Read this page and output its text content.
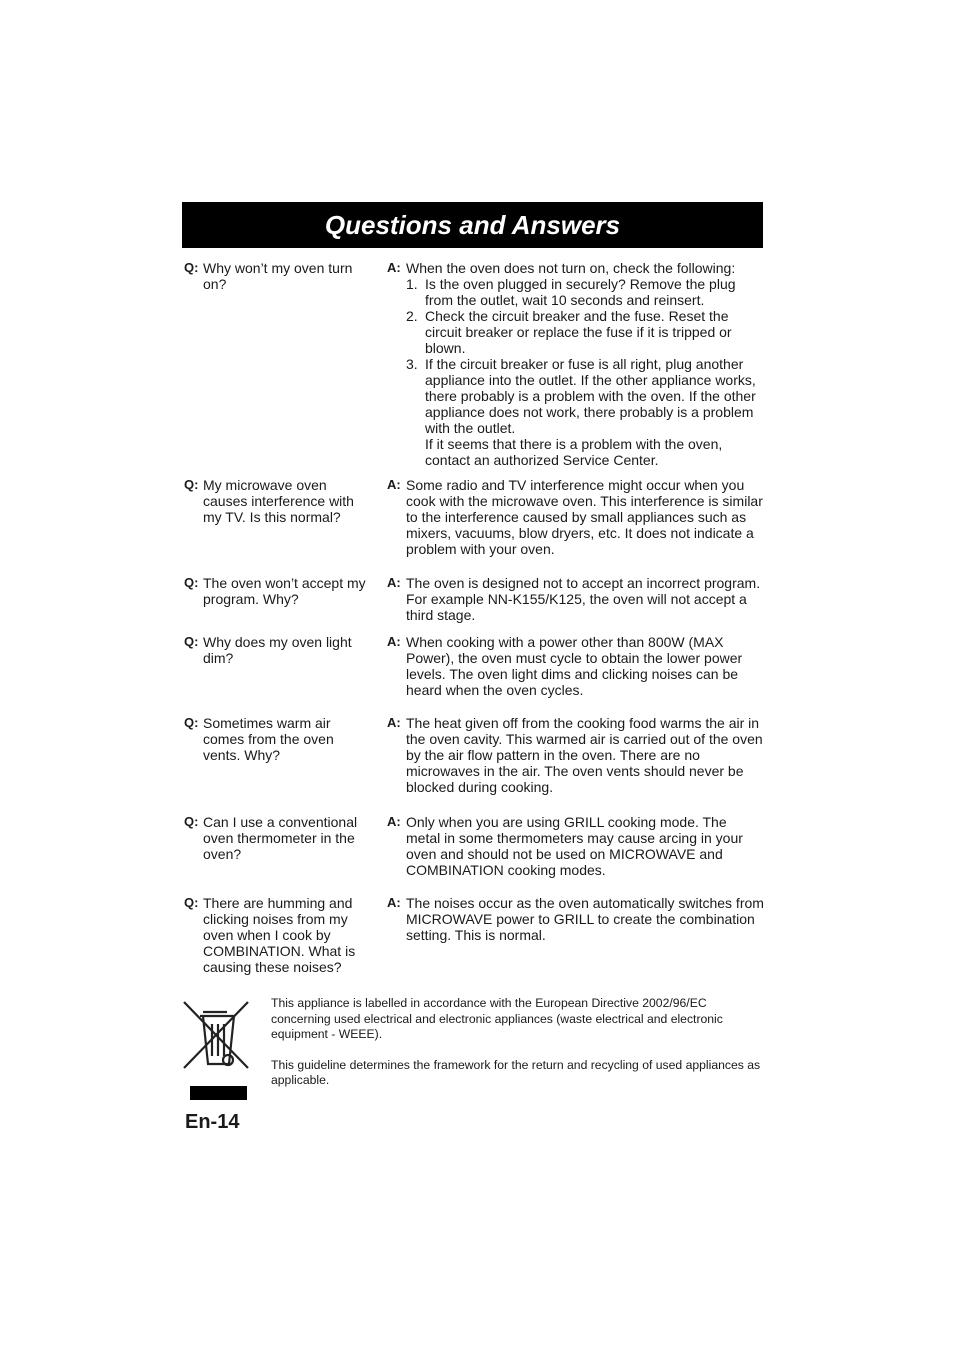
Questions and Answers
Q: Why won’t my oven turn on?
A: When the oven does not turn on, check the following:
1. Is the oven plugged in securely? Remove the plug from the outlet, wait 10 seconds and reinsert.
2. Check the circuit breaker and the fuse. Reset the circuit breaker or replace the fuse if it is tripped or blown.
3. If the circuit breaker or fuse is all right, plug another appliance into the outlet. If the other appliance works, there probably is a problem with the oven. If the other appliance does not work, there probably is a problem with the outlet.
If it seems that there is a problem with the oven, contact an authorized Service Center.
Q: My microwave oven causes interference with my TV. Is this normal?
A: Some radio and TV interference might occur when you cook with the microwave oven. This interference is similar to the interference caused by small appliances such as mixers, vacuums, blow dryers, etc. It does not indicate a problem with your oven.
Q: The oven won’t accept my program. Why?
A: The oven is designed not to accept an incorrect program. For example NN-K155/K125, the oven will not accept a third stage.
Q: Why does my oven light dim?
A: When cooking with a power other than 800W (MAX Power), the oven must cycle to obtain the lower power levels. The oven light dims and clicking noises can be heard when the oven cycles.
Q: Sometimes warm air comes from the oven vents. Why?
A: The heat given off from the cooking food warms the air in the oven cavity. This warmed air is carried out of the oven by the air flow pattern in the oven. There are no microwaves in the air. The oven vents should never be blocked during cooking.
Q: Can I use a conventional oven thermometer in the oven?
A: Only when you are using GRILL cooking mode. The metal in some thermometers may cause arcing in your oven and should not be used on MICROWAVE and COMBINATION cooking modes.
Q: There are humming and clicking noises from my oven when I cook by COMBINATION. What is causing these noises?
A: The noises occur as the oven automatically switches from MICROWAVE power to GRILL to create the combination setting. This is normal.

This appliance is labelled in accordance with the European Directive 2002/96/EC concerning used electrical and electronic appliances (waste electrical and electronic equipment - WEEE).

This guideline determines the framework for the return and recycling of used appliances as applicable.

En-14
